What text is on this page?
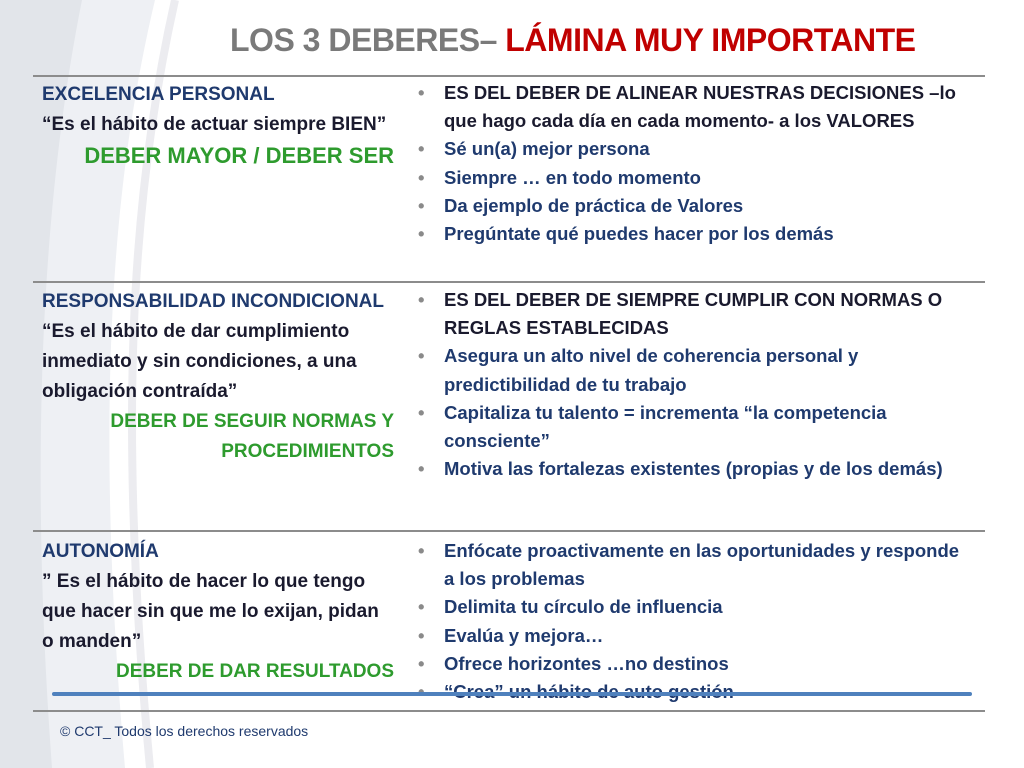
LOS 3 DEBERES– LÁMINA MUY IMPORTANTE
EXCELENCIA PERSONAL
“Es el hábito de actuar siempre BIEN”
DEBER MAYOR / DEBER SER
• ES DEL DEBER DE ALINEAR NUESTRAS DECISIONES –lo que hago cada día en cada momento- a los VALORES
• Sé un(a) mejor persona
• Siempre … en todo momento
• Da ejemplo de práctica de Valores
• Pregúntate qué puedes hacer por los demás
RESPONSABILIDAD INCONDICIONAL
“Es el hábito de dar cumplimiento inmediato y sin condiciones, a una obligación contraída”
DEBER DE SEGUIR NORMAS Y PROCEDIMIENTOS
• ES DEL DEBER DE SIEMPRE CUMPLIR CON NORMAS O REGLAS ESTABLECIDAS
• Asegura un alto nivel de coherencia personal y predictibilidad de tu trabajo
• Capitaliza tu talento = incrementa “la competencia consciente”
• Motiva las fortalezas existentes (propias y de los demás)
AUTONOMÍA
” Es el hábito de hacer lo que tengo que hacer sin que me lo exijan, pidan o manden”
DEBER DE DAR RESULTADOS
• Enfócate proactivamente en las oportunidades y responde a los problemas
• Delimita tu círculo de influencia
• Evalúa y mejora…
• Ofrece horizontes …no destinos
•
© CCT_ Todos los derechos reservados
